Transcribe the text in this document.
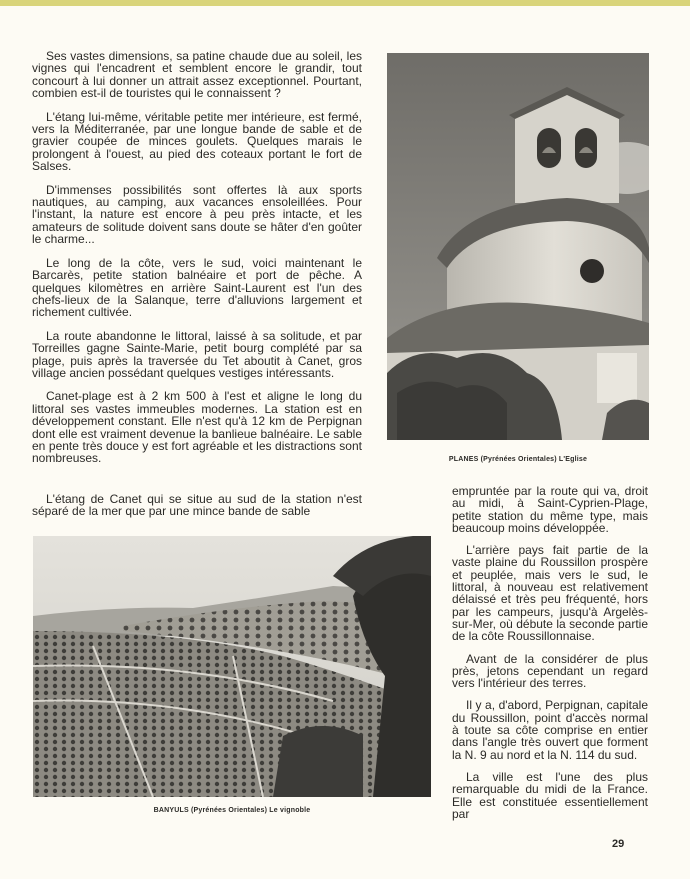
Ses vastes dimensions, sa patine chaude due au soleil, les vignes qui l'encadrent et semblent encore le grandir, tout concourt à lui donner un attrait assez exceptionnel. Pourtant, combien est-il de touristes qui le connaissent ?

L'étang lui-même, véritable petite mer intérieure, est fermé, vers la Méditerranée, par une longue bande de sable et de gravier coupée de minces goulets. Quelques marais le prolongent à l'ouest, au pied des coteaux portant le fort de Salses.

D'immenses possibilités sont offertes là aux sports nautiques, au camping, aux vacances ensoleillées. Pour l'instant, la nature est encore à peu près intacte, et les amateurs de solitude doivent sans doute se hâter d'en goûter le charme...

Le long de la côte, vers le sud, voici maintenant le Barcarès, petite station balnéaire et port de pêche. A quelques kilomètres en arrière Saint-Laurent est l'un des chefs-lieux de la Salanque, terre d'alluvions largement et richement cultivée.

La route abandonne le littoral, laissé à sa solitude, et par Torreilles gagne Sainte-Marie, petit bourg complété par sa plage, puis après la traversée du Tet aboutit à Canet, gros village ancien possédant quelques vestiges intéressants.

Canet-plage est à 2 km 500 à l'est et aligne le long du littoral ses vastes immeubles modernes. La station est en développement constant. Elle n'est qu'à 12 km de Perpignan dont elle est vraiment devenue la banlieue balnéaire. Le sable en pente très douce y est fort agréable et les distractions sont nombreuses.

L'étang de Canet qui se situe au sud de la station n'est séparé de la mer que par une mince bande de sable

PLANES (Pyrénées Orientales) L'Eglise

empruntée par la route qui va, droit au midi, à Saint-Cyprien-Plage, petite station du même type, mais beaucoup moins développée.

L'arrière pays fait partie de la vaste plaine du Roussillon prospère et peuplée, mais vers le sud, le littoral, à nouveau est relativement délaissé et très peu fréquenté, hors par les campeurs, jusqu'à Argelès-sur-Mer, où débute la seconde partie de la côte Roussillonnaise.

Avant de la considérer de plus près, jetons cependant un regard vers l'intérieur des terres.

Il y a, d'abord, Perpignan, capitale du Roussillon, point d'accès normal à toute sa côte comprise en entier dans l'angle très ouvert que forment la N. 9 au nord et la N. 114 du sud.

La ville est l'une des plus remarquable du midi de la France. Elle est constituée essentiellement par

BANYULS (Pyrénées Orientales) Le vignoble
29
